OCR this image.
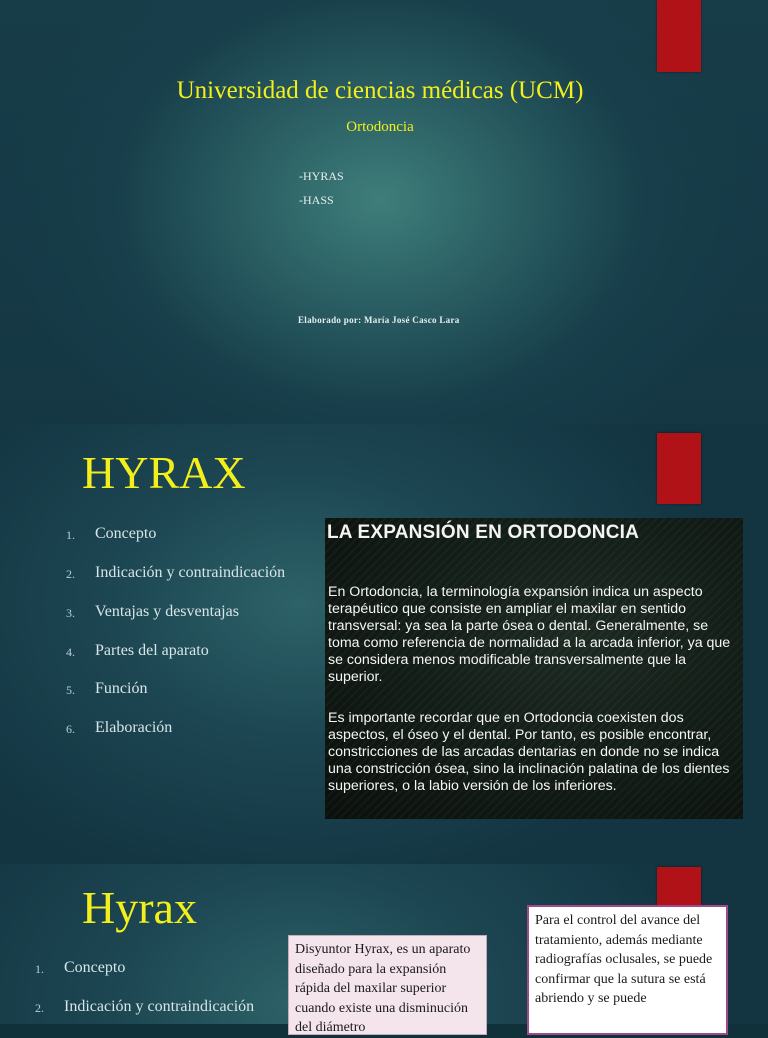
Universidad de ciencias médicas (UCM)
Ortodoncia
-HYRAS
-HASS
Elaborado por: María José Casco Lara
HYRAX
1. Concepto
2. Indicación y contraindicación
3. Ventajas y desventajas
4. Partes del aparato
5. Función
6. Elaboración
LA EXPANSIÓN EN ORTODONCIA
En Ortodoncia, la terminología expansión indica un aspecto terapéutico que consiste en ampliar el maxilar en sentido transversal: ya sea la parte ósea o dental. Generalmente, se toma como referencia de normalidad a la arcada inferior, ya que se considera menos modificable transversalmente que la superior.
Es importante recordar que en Ortodoncia coexisten dos aspectos, el óseo y el dental. Por tanto, es posible encontrar, constricciones de las arcadas dentarias en donde no se indica una constricción ósea, sino la inclinación palatina de los dientes superiores, o la labio versión de los inferiores.
Hyrax
1. Concepto
2. Indicación y contraindicación
Disyuntor Hyrax, es un aparato diseñado para la expansión rápida del maxilar superior cuando existe una disminución del diámetro
Para el control del avance del tratamiento, además mediante radiografías oclusales, se puede confirmar que la sutura se está abriendo y se puede
